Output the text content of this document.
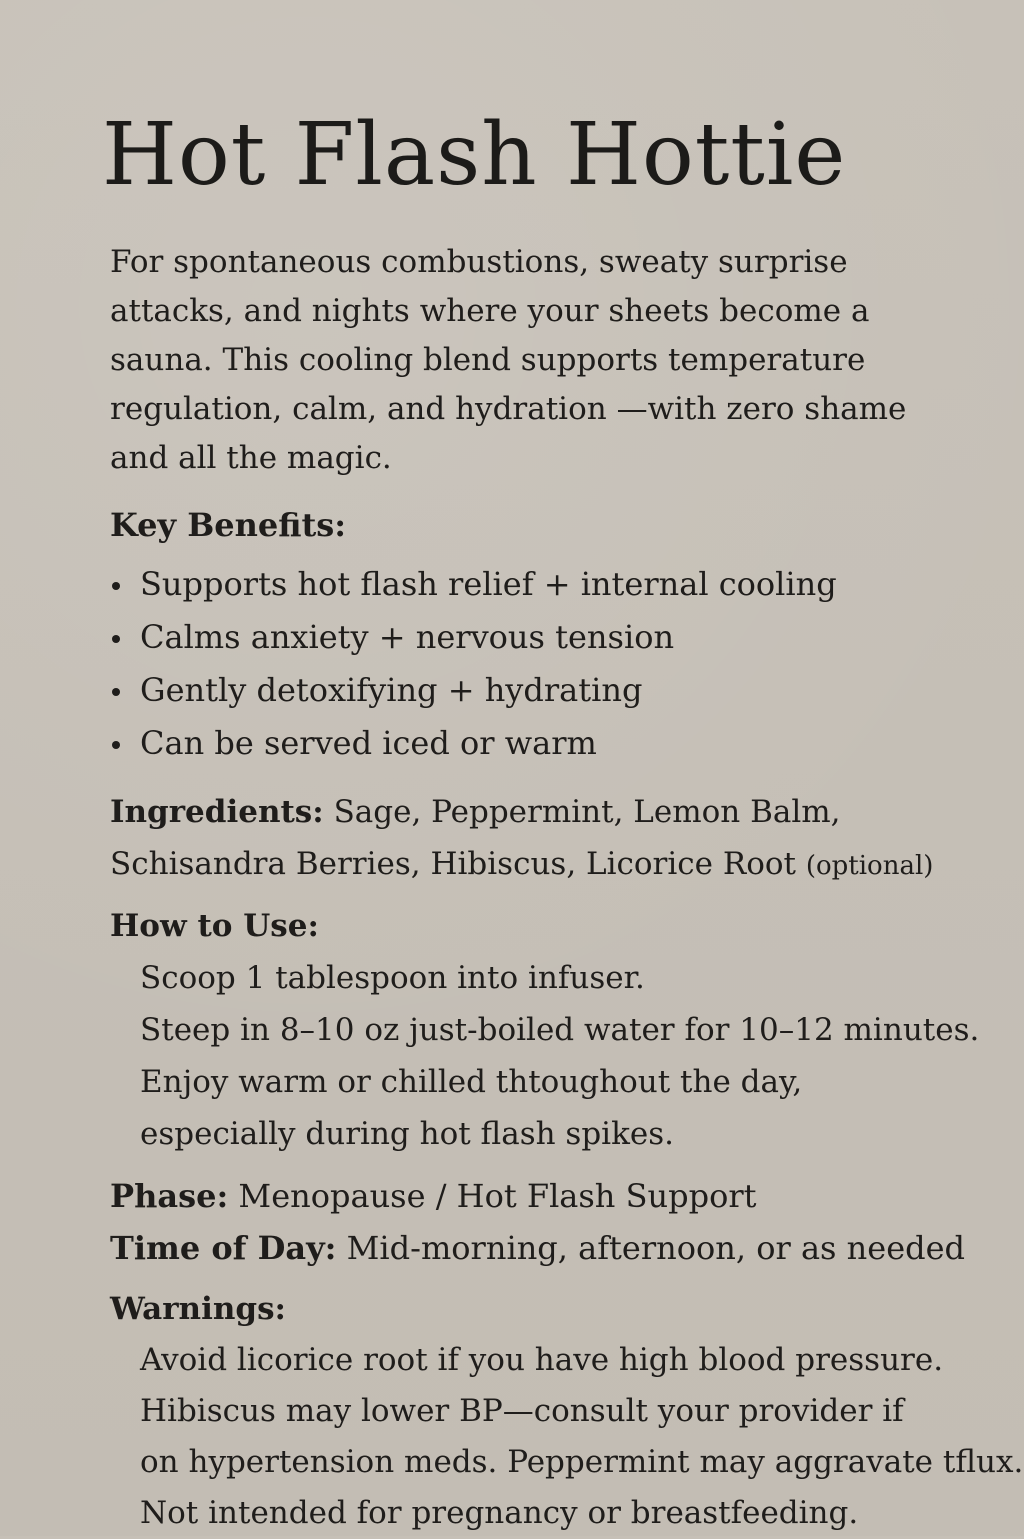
Hot Flash Hottie

For spontaneous combustions, sweaty surprise attacks, and nights where your sheets become a sauna. This cooling blend supports temperature regulation, calm, and hydration —with zero shame and all the magic.

Key Benefits:
Supports hot flash relief + internal cooling
Calms anxiety + nervous tension
Gently detoxifying + hydrating
Can be served iced or warm
Ingredients: Sage, Peppermint, Lemon Balm, Schisandra Berries, Hibiscus, Licorice Root (optional)
How to Use:
Scoop 1 tablespoon into infuser.
Steep in 8–10 oz just-boiled water for 10–12 minutes.
Enjoy warm or chilled thtoughout the day,
especially during hot flash spikes.
Phase: Menopause / Hot Flash Support
Time of Day: Mid-morning, afternoon, or as needed
Warnings:
Avoid licorice root if you have high blood pressure.
Hibiscus may lower BP—consult your provider if
on hypertension meds. Peppermint may aggravate tflux.
Not intended for pregnancy or breastfeeding.
